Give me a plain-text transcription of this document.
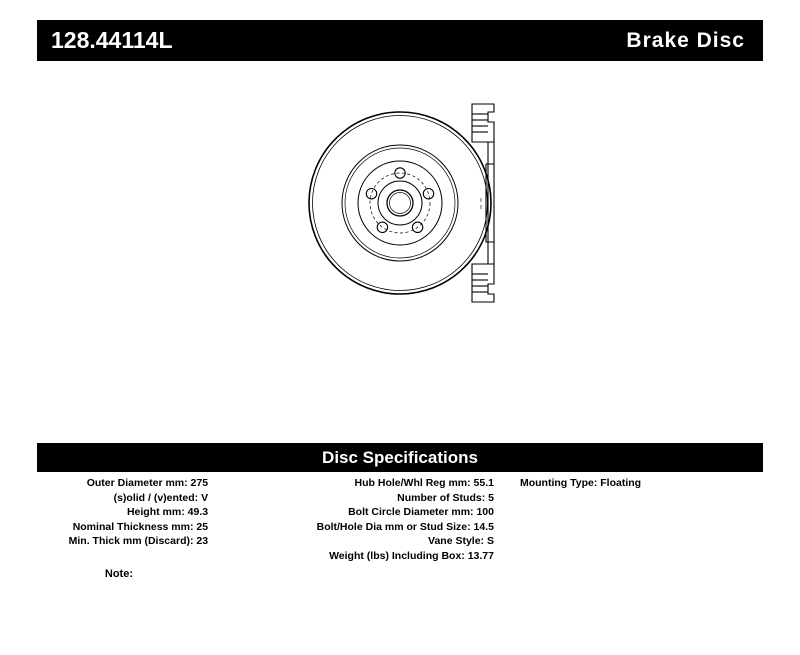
128.44114L	Brake Disc
Disc Specifications
Outer Diameter mm: 275
(s)olid / (v)ented: V
Height mm: 49.3
Nominal Thickness mm: 25
Min. Thick mm (Discard): 23
Hub Hole/Whl Reg mm: 55.1
Number of Studs: 5
Bolt Circle Diameter mm: 100
Bolt/Hole Dia mm or Stud Size: 14.5
Vane Style: S
Weight (lbs) Including Box: 13.77
Mounting Type: Floating
Note:
